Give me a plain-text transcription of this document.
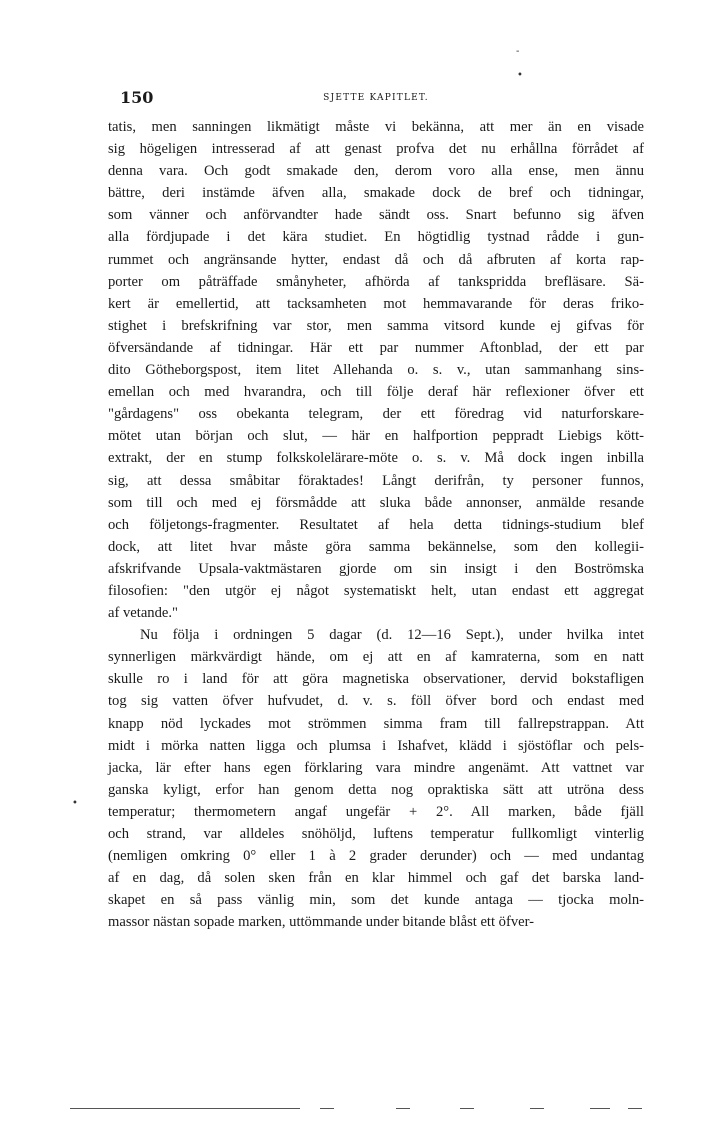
-
•
•
150	SJETTE KAPITLET.
tatis, men sanningen likmätigt måste vi bekänna, att mer än en visade
sig högeligen intresserad af att genast profva det nu erhållna förrådet af
denna vara. Och godt smakade den, derom voro alla ense, men ännu
bättre, deri instämde äfven alla, smakade dock de bref och tidningar,
som vänner och anförvandter hade sändt oss. Snart befunno sig äfven
alla fördjupade i det kära studiet. En högtidlig tystnad rådde i gun-
rummet och angränsande hytter, endast då och då afbruten af korta rap-
porter om påträffade smånyheter, afhörda af tankspridda brefläsare. Sä-
kert är emellertid, att tacksamheten mot hemmavarande för deras friko-
stighet i brefskrifning var stor, men samma vitsord kunde ej gifvas för
öfversändande af tidningar. Här ett par nummer Aftonblad, der ett par
dito Götheborgspost, item litet Allehanda o. s. v., utan sammanhang sins-
emellan och med hvarandra, och till följe deraf här reflexioner öfver ett
"gårdagens" oss obekanta telegram, der ett föredrag vid naturforskare-
mötet utan början och slut, — här en halfportion peppradt Liebigs kött-
extrakt, der en stump folkskolelärare-möte o. s. v. Må dock ingen inbilla
sig, att dessa småbitar föraktades! Långt derifrån, ty personer funnos,
som till och med ej försmådde att sluka både annonser, anmälde resande
och följetongs-fragmenter. Resultatet af hela detta tidnings-studium blef
dock, att litet hvar måste göra samma bekännelse, som den kollegii-
afskrifvande Upsala-vaktmästaren gjorde om sin insigt i den Boströmska
filosofien: "den utgör ej något systematiskt helt, utan endast ett aggregat
af vetande."
Nu följa i ordningen 5 dagar (d. 12—16 Sept.), under hvilka intet
synnerligen märkvärdigt hände, om ej att en af kamraterna, som en natt
skulle ro i land för att göra magnetiska observationer, dervid bokstafligen
tog sig vatten öfver hufvudet, d. v. s. föll öfver bord och endast med
knapp nöd lyckades mot strömmen simma fram till fallrepstrappan. Att
midt i mörka natten ligga och plumsa i Ishafvet, klädd i sjöstöflar och pels-
jacka, lär efter hans egen förklaring vara mindre angenämt. Att vattnet var
ganska kyligt, erfor han genom detta nog opraktiska sätt att utröna dess
temperatur; thermometern angaf ungefär + 2°. All marken, både fjäll
och strand, var alldeles snöhöljd, luftens temperatur fullkomligt vinterlig
(nemligen omkring 0° eller 1 à 2 grader derunder) och — med undantag
af en dag, då solen sken från en klar himmel och gaf det barska land-
skapet en så pass vänlig min, som det kunde antaga — tjocka moln-
massor nästan sopade marken, uttömmande under bitande blåst ett öfver-
